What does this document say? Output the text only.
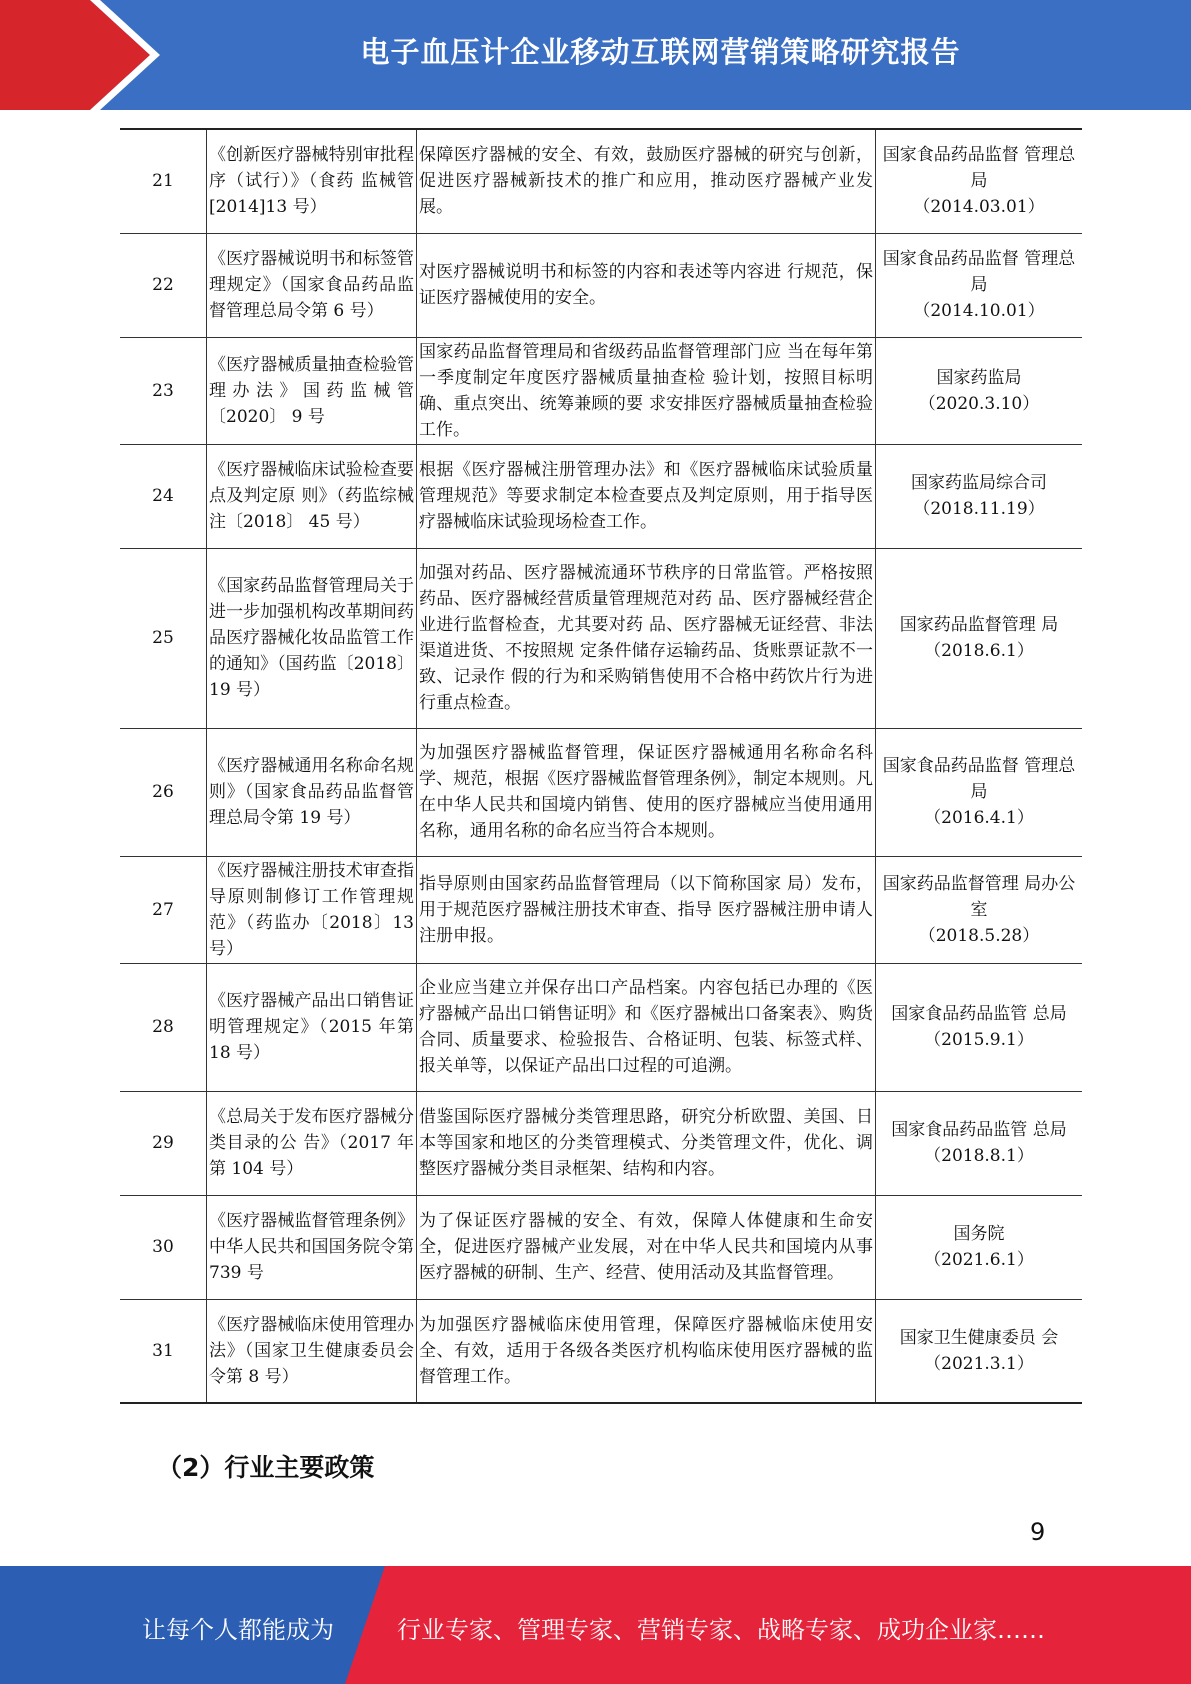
电子血压计企业移动互联网营销策略研究报告
21	《创新医疗器械特别审批程序（试行）》（食药 监械管[2014]13 号）	保障医疗器械的安全、有效，鼓励医疗器械的研究与创新，促进医疗器械新技术的推广和应用，推动医疗器械产业发展。	国家食品药品监督 管理总局
（2014.03.01）

22	《医疗器械说明书和标签管理规定》（国家食品药品监督管理总局令第 6 号）	对医疗器械说明书和标签的内容和表述等内容进 行规范，保证医疗器械使用的安全。	国家食品药品监督 管理总局
（2014.10.01）

23	《医疗器械质量抽查检验管理办法》国药监械管〔2020〕 9 号	国家药品监督管理局和省级药品监督管理部门应 当在每年第一季度制定年度医疗器械质量抽查检 验计划，按照目标明确、重点突出、统筹兼顾的要 求安排医疗器械质量抽查检验工作。	国家药监局
（2020.3.10）

24	《医疗器械临床试验检查要点及判定原 则》（药监综械注〔2018〕 45 号）	根据《医疗器械注册管理办法》和《医疗器械临床试验质量管理规范》等要求制定本检查要点及判定原则，用于指导医疗器械临床试验现场检查工作。	国家药监局综合司
（2018.11.19）

25	《国家药品监督管理局关于进一步加强机构改革期间药品医疗器械化妆品监管工作的通知》（国药监〔2018〕 19 号）	加强对药品、医疗器械流通环节秩序的日常监管。严格按照药品、医疗器械经营质量管理规范对药 品、医疗器械经营企业进行监督检查，尤其要对药 品、医疗器械无证经营、非法渠道进货、不按照规 定条件储存运输药品、货账票证款不一致、记录作 假的行为和采购销售使用不合格中药饮片行为进 行重点检查。	国家药品监督管理 局
（2018.6.1）

26	《医疗器械通用名称命名规则》（国家食品药品监督管理总局令第 19 号）	为加强医疗器械监督管理，保证医疗器械通用名称命名科学、规范，根据《医疗器械监督管理条例》，制定本规则。凡在中华人民共和国境内销售、使用的医疗器械应当使用通用名称，通用名称的命名应当符合本规则。	国家食品药品监督 管理总局
（2016.4.1）

27	《医疗器械注册技术审查指导原则制修订工作管理规范》（药监办〔2018〕13 号）	指导原则由国家药品监督管理局（以下简称国家 局）发布，用于规范医疗器械注册技术审查、指导 医疗器械注册申请人注册申报。	国家药品监督管理 局办公室
（2018.5.28）

28	《医疗器械产品出口销售证明管理规定》（2015 年第 18 号）	企业应当建立并保存出口产品档案。内容包括已办理的《医疗器械产品出口销售证明》和《医疗器械出口备案表》、购货合同、质量要求、检验报告、合格证明、包装、标签式样、报关单等，以保证产品出口过程的可追溯。	国家食品药品监管 总局
（2015.9.1）

29	《总局关于发布医疗器械分类目录的公 告》（2017 年第 104 号）	借鉴国际医疗器械分类管理思路，研究分析欧盟、美国、日本等国家和地区的分类管理模式、分类管理文件，优化、调整医疗器械分类目录框架、结构和内容。	国家食品药品监管 总局
（2018.8.1）

30	《医疗器械监督管理条例》中华人民共和国国务院令第 739 号	为了保证医疗器械的安全、有效，保障人体健康和生命安全，促进医疗器械产业发展，对在中华人民共和国境内从事医疗器械的研制、生产、经营、使用活动及其监督管理。	国务院
（2021.6.1）

31	《医疗器械临床使用管理办法》（国家卫生健康委员会令第 8 号）	为加强医疗器械临床使用管理，保障医疗器械临床使用安全、有效，适用于各级各类医疗机构临床使用医疗器械的监督管理工作。	国家卫生健康委员 会
（2021.3.1）
（2）行业主要政策
9
让每个人都能成为	行业专家、管理专家、营销专家、战略专家、成功企业家……
